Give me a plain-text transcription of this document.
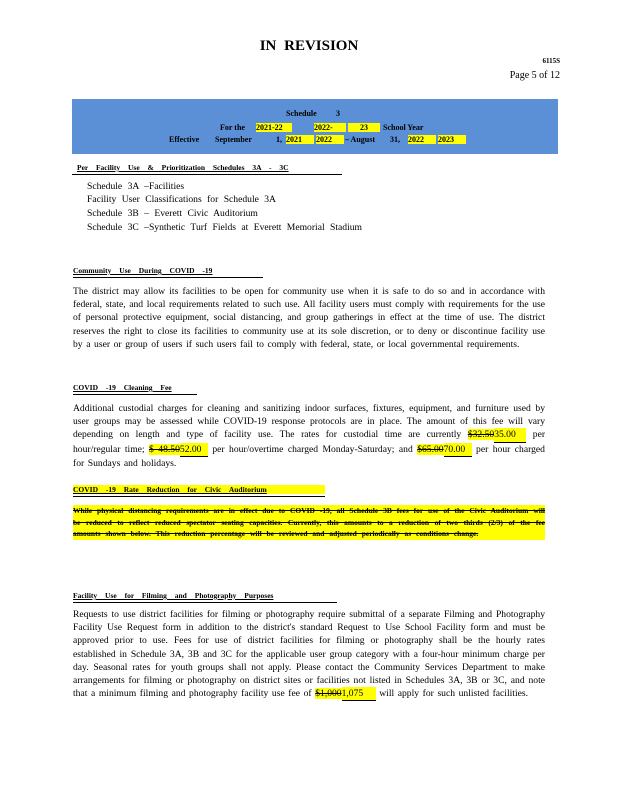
IN REVISION
6115S
Page 5 of 12
Schedule 3
For the 2021-22	2022-	23	School Year
Effective September	1, 2021	2022	– August 31, 2022	2023
Per Facility Use & Prioritization Schedules 3A - 3C
Schedule 3A –Facilities
Facility User Classifications for Schedule 3A
Schedule 3B – Everett Civic Auditorium
Schedule 3C –Synthetic Turf Fields at Everett Memorial Stadium
Community Use During COVID -19
The district may allow its facilities to be open for community use when it is safe to do so and in accordance with federal, state, and local requirements related to such use. All facility users must comply with requirements for the use of personal protective equipment, social distancing, and group gatherings in effect at the time of use. The district reserves the right to close its facilities to community use at its sole discretion, or to deny or discontinue facility use by a user or group of users if such users fail to comply with federal, state, or local governmental requirements.
COVID -19 Cleaning Fee
Additional custodial charges for cleaning and sanitizing indoor surfaces, fixtures, equipment, and furniture used by user groups may be assessed while COVID-19 response protocols are in place. The amount of this fee will vary depending on length and type of facility use. The rates for custodial time are currently $32.5035.00 per hour/regular time; $ 48.5052.00 per hour/overtime charged Monday-Saturday; and $65.0070.00 per hour charged for Sundays and holidays.
COVID -19 Rate Reduction for Civic Auditorium
While physical distancing requirements are in effect due to COVID -19, all Schedule 3B fees for use of the Civic Auditorium will be reduced to reflect reduced spectator seating capacities. Currently, this amounts to a reduction of two thirds (2/3) of the fee amounts shown below. This reduction percentage will be reviewed and adjusted periodically as conditions change.
Facility Use for Filming and Photography Purposes
Requests to use district facilities for filming or photography require submittal of a separate Filming and Photography Facility Use Request form in addition to the district's standard Request to Use School Facility form and must be approved prior to use. Fees for use of district facilities for filming or photography shall be the hourly rates established in Schedule 3A, 3B and 3C for the applicable user group category with a four-hour minimum charge per day. Seasonal rates for youth groups shall not apply. Please contact the Community Services Department to make arrangements for filming or photography on district sites or facilities not listed in Schedules 3A, 3B or 3C, and note that a minimum filming and photography facility use fee of $1,0001,075 will apply for such unlisted facilities.
